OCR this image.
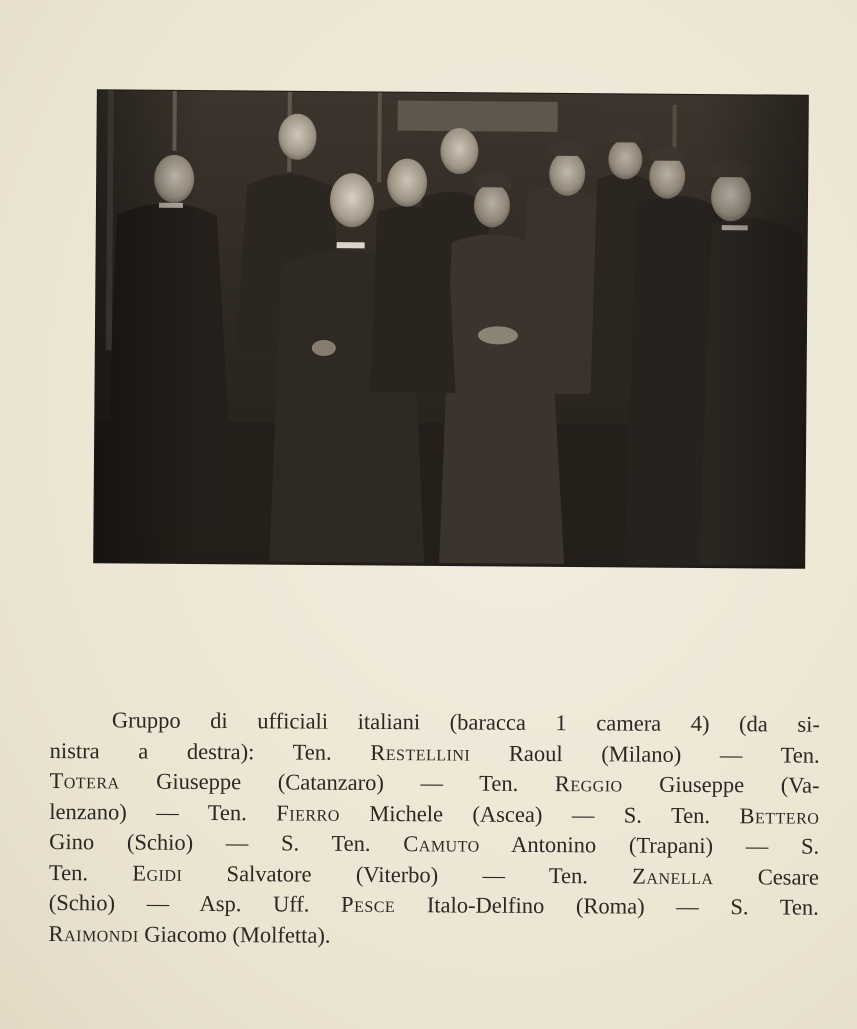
Gruppo di ufficiali italiani (baracca 1 camera 4) (da si-
nistra a destra): Ten. Restellini Raoul (Milano) — Ten.
Totera Giuseppe (Catanzaro) — Ten. Reggio Giuseppe (Va-
lenzano) — Ten. Fierro Michele (Ascea) — S. Ten. Bettero
Gino (Schio) — S. Ten. Camuto Antonino (Trapani) — S.
Ten. Egidi Salvatore (Viterbo) — Ten. Zanella Cesare
(Schio) — Asp. Uff. Pesce Italo-Delfino (Roma) — S. Ten.
Raimondi Giacomo (Molfetta).
